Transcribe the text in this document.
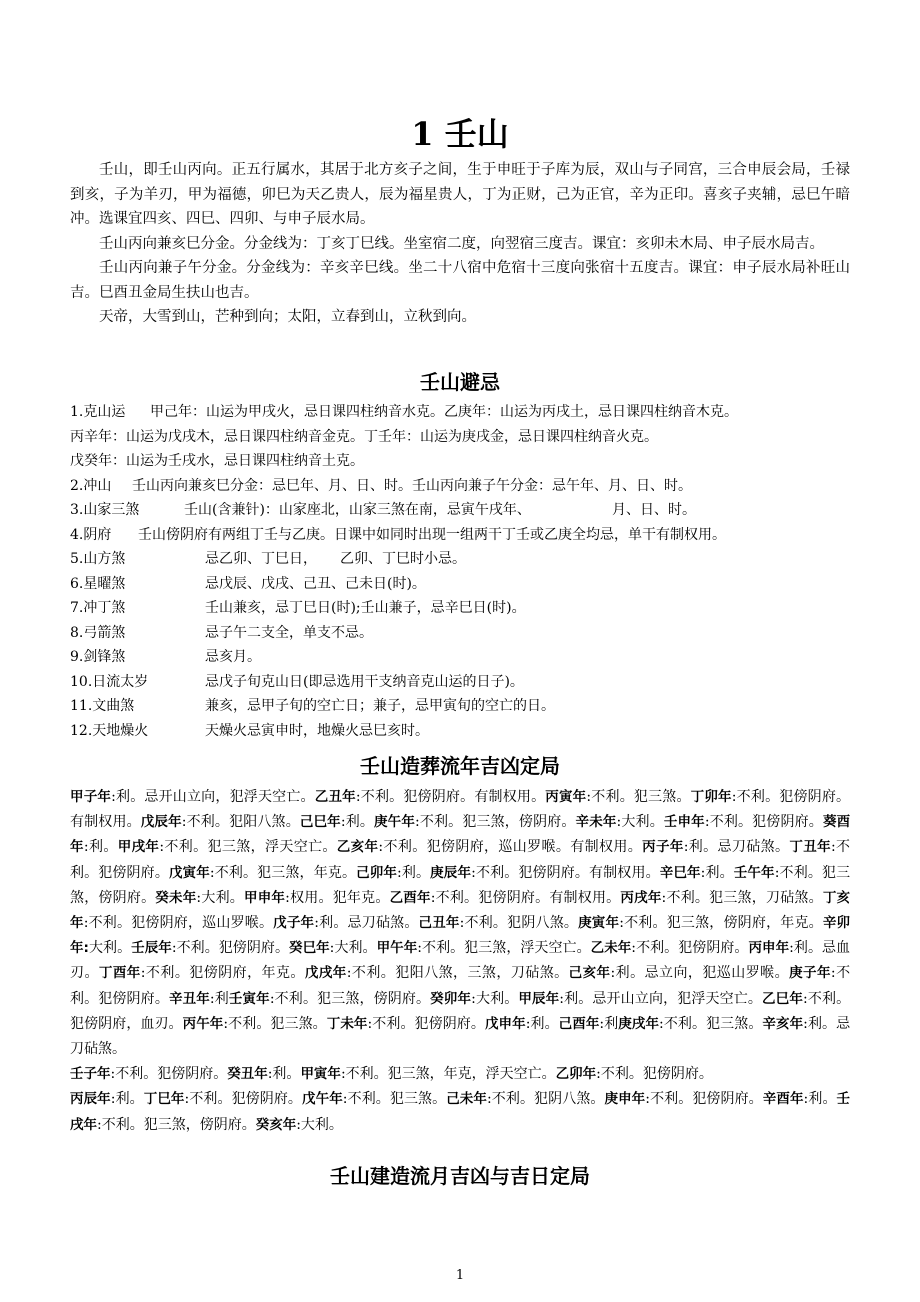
1 壬山

壬山，即壬山丙向。正五行属水，其居于北方亥子之间，生于申旺于子库为辰，双山与子同宫，三合申辰会局，壬禄到亥，子为羊刃，甲为福德，卯巳为天乙贵人，辰为福星贵人，丁为正财，己为正官，辛为正印。喜亥子夹辅，忌巳午暗冲。选课宜四亥、四巳、四卯、与申子辰水局。

壬山丙向兼亥巳分金。分金线为：丁亥丁巳线。坐室宿二度，向翌宿三度吉。课宜：亥卯未木局、申子辰水局吉。

壬山丙向兼子午分金。分金线为：辛亥辛巳线。坐二十八宿中危宿十三度向张宿十五度吉。课宜：申子辰水局补旺山吉。巳酉丑金局生扶山也吉。

天帝，大雪到山，芒种到向；太阳，立春到山，立秋到向。

壬山避忌
1.克山运	甲己年：山运为甲戌火，忌日课四柱纳音水克。乙庚年：山运为丙戌土，忌日课四柱纳音木克。
丙辛年：山运为戊戌木，忌日课四柱纳音金克。丁壬年：山运为庚戌金，忌日课四柱纳音火克。
戊癸年：山运为壬戌水，忌日课四柱纳音土克。
2.冲山	壬山丙向兼亥巳分金：忌巳年、月、日、时。壬山丙向兼子午分金：忌午年、月、日、时。
3.山家三煞	壬山(含兼针)：山家座北，山家三煞在南，忌寅午戌年、	月、日、时。
4.阴府	壬山傍阴府有两组丁壬与乙庚。日课中如同时出现一组两干丁壬或乙庚全均忌，单干有制权用。
5.山方煞	忌乙卯、丁巳日，	乙卯、丁巳时小忌。
6.星曜煞	忌戊辰、戊戌、己丑、己未日(时)。
7.冲丁煞	壬山兼亥，忌丁巳日(时);壬山兼子，忌辛巳日(时)。
8.弓箭煞	忌子午二支全，单支不忌。
9.剑锋煞	忌亥月。
10.日流太岁	忌戊子旬克山日(即忌选用干支纳音克山运的日子)。
11.文曲煞	兼亥，忌甲子旬的空亡日；兼子，忌甲寅旬的空亡的日。
12.天地燥火	天燥火忌寅申时，地燥火忌巳亥时。
壬山造葬流年吉凶定局

甲子年:利。忌开山立向，犯浮天空亡。乙丑年:不利。犯傍阴府。有制权用。丙寅年:不利。犯三煞。丁卯年:不利。犯傍阴府。有制权用。戊辰年:不利。犯阳八煞。己巳年:利。庚午年:不利。犯三煞，傍阴府。辛未年:大利。壬申年:不利。犯傍阴府。葵酉年:利。甲戌年:不利。犯三煞，浮天空亡。乙亥年:不利。犯傍阴府，巡山罗喉。有制权用。丙子年:利。忌刀砧煞。丁丑年:不利。犯傍阴府。戊寅年:不利。犯三煞，年克。己卯年:利。庚辰年:不利。犯傍阴府。有制权用。辛巳年:利。壬午年:不利。犯三煞，傍阴府。癸未年:大利。甲申年:权用。犯年克。乙酉年:不利。犯傍阴府。有制权用。丙戌年:不利。犯三煞，刀砧煞。丁亥年:不利。犯傍阴府，巡山罗喉。戊子年:利。忌刀砧煞。己丑年:不利。犯阴八煞。庚寅年:不利。犯三煞，傍阴府，年克。辛卯年:大利。壬辰年:不利。犯傍阴府。癸巳年:大利。甲午年:不利。犯三煞，浮天空亡。乙未年:不利。犯傍阴府。丙申年:利。忌血刃。丁酉年:不利。犯傍阴府，年克。戊戌年:不利。犯阳八煞，三煞，刀砧煞。己亥年:利。忌立向，犯巡山罗喉。庚子年:不利。犯傍阴府。辛丑年:利壬寅年:不利。犯三煞，傍阴府。癸卯年:大利。甲辰年:利。忌开山立向，犯浮天空亡。乙巳年:不利。犯傍阴府，血刃。丙午年:不利。犯三煞。丁未年:不利。犯傍阴府。戊申年:利。己酉年:利庚戌年:不利。犯三煞。辛亥年:利。忌刀砧煞。

壬子年:不利。犯傍阴府。癸丑年:利。甲寅年:不利。犯三煞，年克，浮天空亡。乙卯年:不利。犯傍阴府。

丙辰年:利。丁巳年:不利。犯傍阴府。戊午年:不利。犯三煞。己未年:不利。犯阴八煞。庚申年:不利。犯傍阴府。辛酉年:利。壬戌年:不利。犯三煞，傍阴府。癸亥年:大利。

壬山建造流月吉凶与吉日定局
1
